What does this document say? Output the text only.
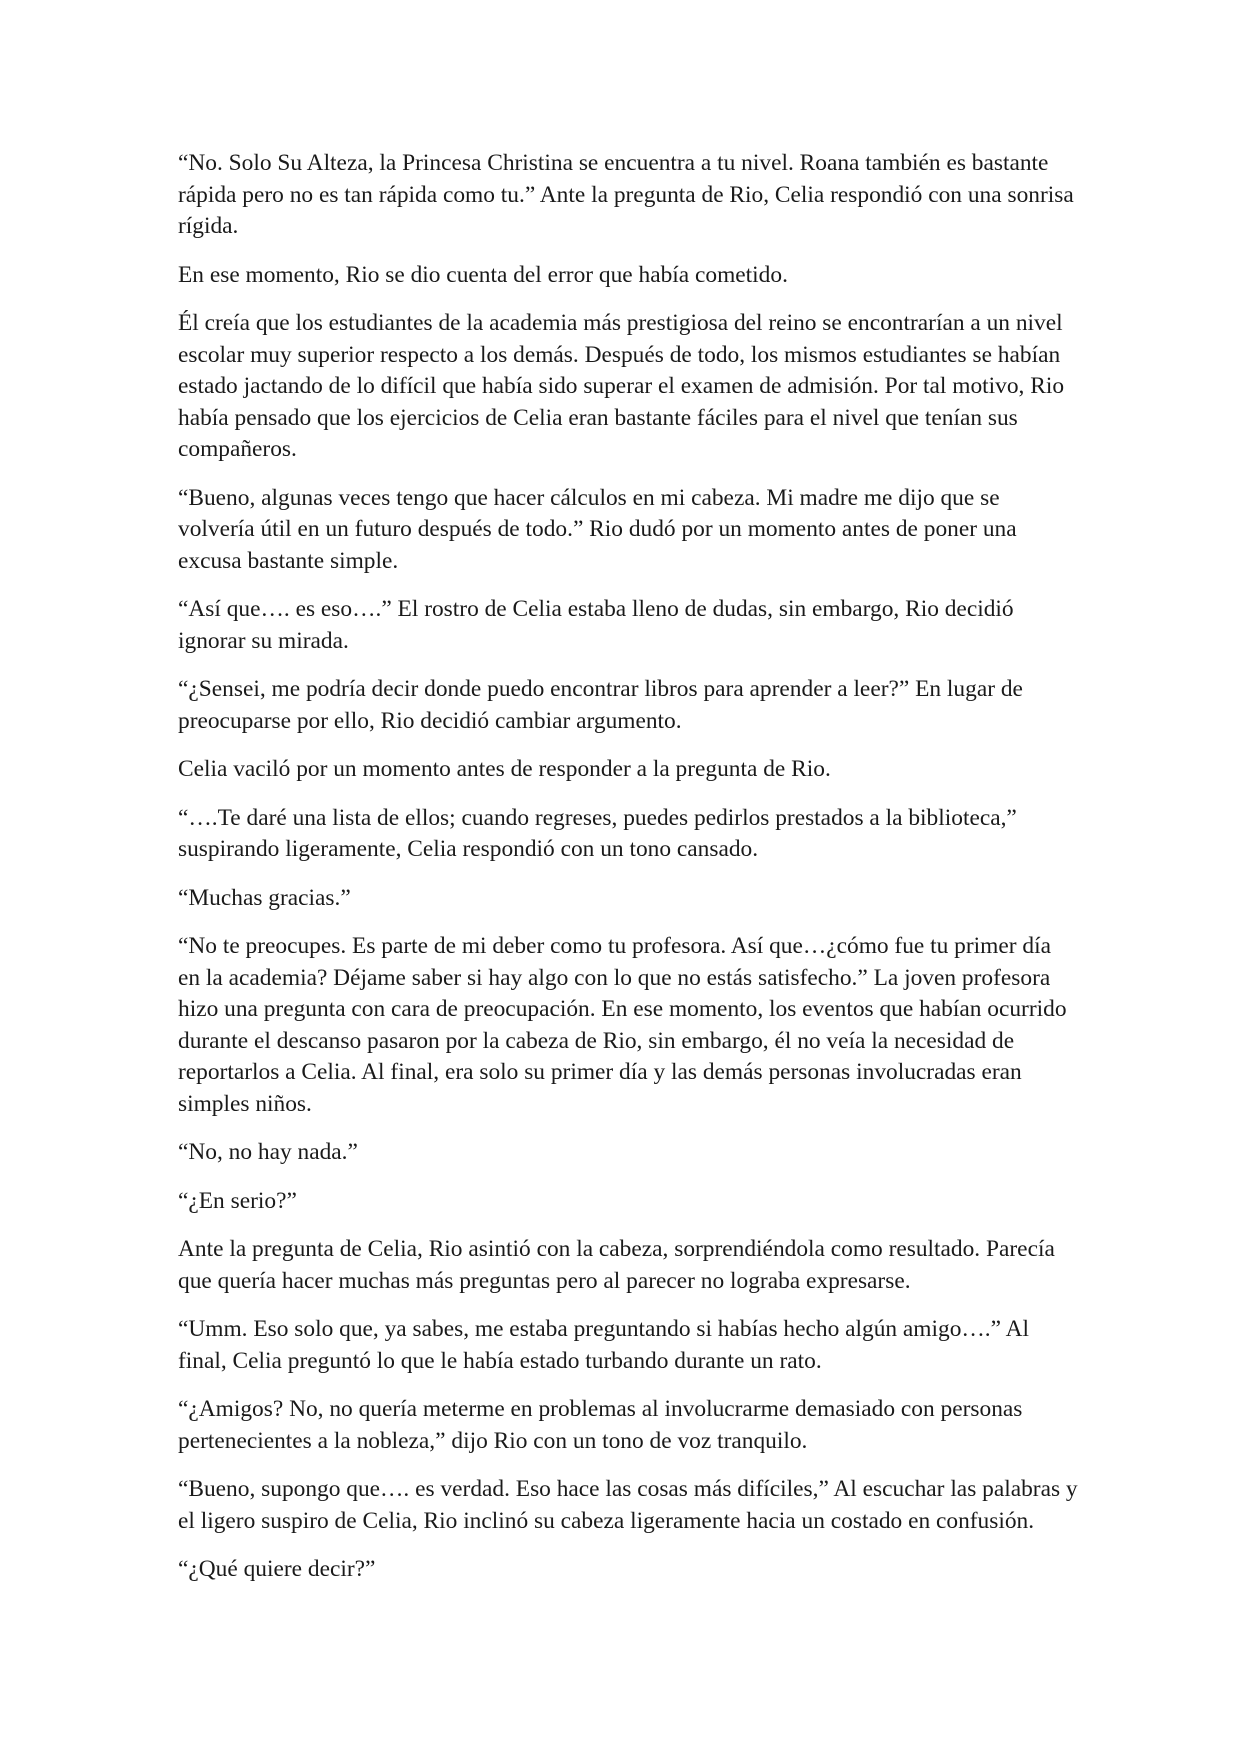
“No. Solo Su Alteza, la Princesa Christina se encuentra a tu nivel. Roana también es bastante rápida pero no es tan rápida como tu.” Ante la pregunta de Rio, Celia respondió con una sonrisa rígida.

En ese momento, Rio se dio cuenta del error que había cometido.

Él creía que los estudiantes de la academia más prestigiosa del reino se encontrarían a un nivel escolar muy superior respecto a los demás. Después de todo, los mismos estudiantes se habían estado jactando de lo difícil que había sido superar el examen de admisión. Por tal motivo, Rio había pensado que los ejercicios de Celia eran bastante fáciles para el nivel que tenían sus compañeros.

“Bueno, algunas veces tengo que hacer cálculos en mi cabeza. Mi madre me dijo que se volvería útil en un futuro después de todo.” Rio dudó por un momento antes de poner una excusa bastante simple.

“Así que…. es eso….” El rostro de Celia estaba lleno de dudas, sin embargo, Rio decidió ignorar su mirada.

“¿Sensei, me podría decir donde puedo encontrar libros para aprender a leer?” En lugar de preocuparse por ello, Rio decidió cambiar argumento.

Celia vaciló por un momento antes de responder a la pregunta de Rio.

“….Te daré una lista de ellos; cuando regreses, puedes pedirlos prestados a la biblioteca,” suspirando ligeramente, Celia respondió con un tono cansado.

“Muchas gracias.”

“No te preocupes. Es parte de mi deber como tu profesora. Así que…¿cómo fue tu primer día en la academia? Déjame saber si hay algo con lo que no estás satisfecho.” La joven profesora hizo una pregunta con cara de preocupación. En ese momento, los eventos que habían ocurrido durante el descanso pasaron por la cabeza de Rio, sin embargo, él no veía la necesidad de reportarlos a Celia. Al final, era solo su primer día y las demás personas involucradas eran simples niños.

“No, no hay nada.”

“¿En serio?”

Ante la pregunta de Celia, Rio asintió con la cabeza, sorprendiéndola como resultado. Parecía que quería hacer muchas más preguntas pero al parecer no lograba expresarse.

“Umm. Eso solo que, ya sabes, me estaba preguntando si habías hecho algún amigo….” Al final, Celia preguntó lo que le había estado turbando durante un rato.

“¿Amigos? No, no quería meterme en problemas al involucrarme demasiado con personas pertenecientes a la nobleza,” dijo Rio con un tono de voz tranquilo.

“Bueno, supongo que…. es verdad. Eso hace las cosas más difíciles,” Al escuchar las palabras y el ligero suspiro de Celia, Rio inclinó su cabeza ligeramente hacia un costado en confusión.

“¿Qué quiere decir?”
